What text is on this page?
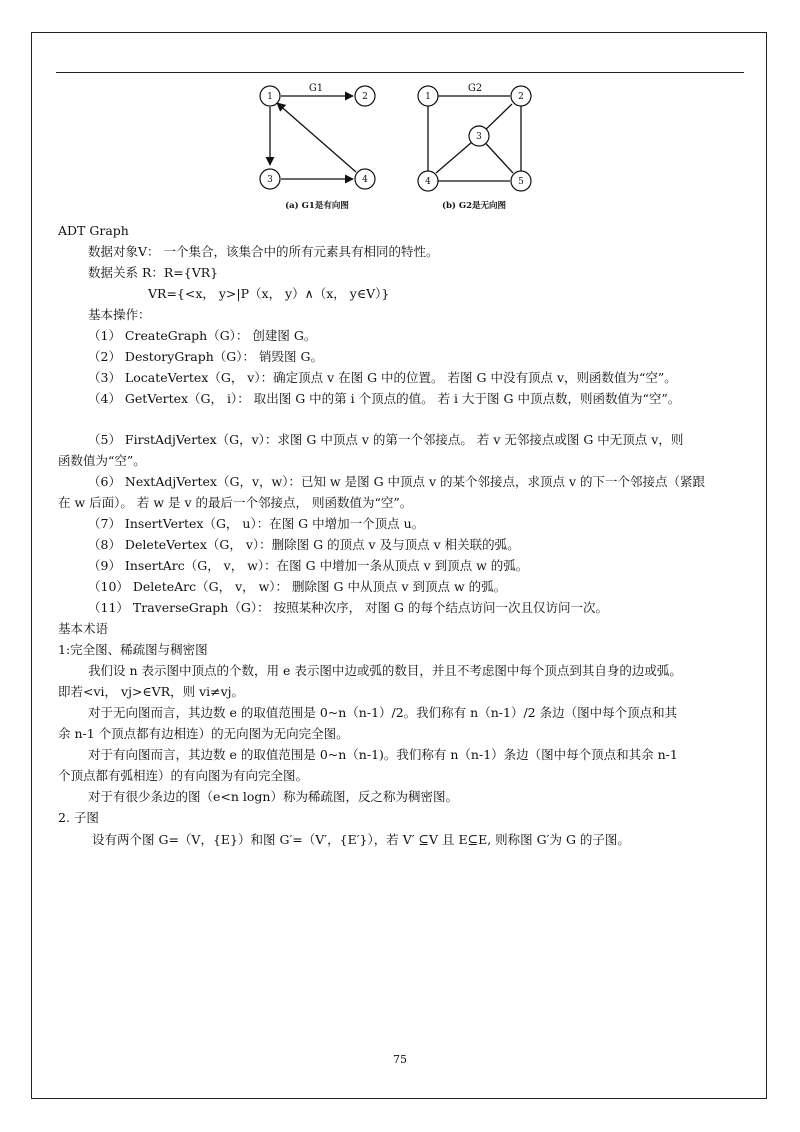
1	2
3	4
G1
(a) G1是有向图
1	2
3
4	5
G2
(b) G2是无向图
ADT Graph
数据对象V： 一个集合，该集合中的所有元素具有相同的特性。
数据关系 R：R={VR}
VR={<x， y>|P（x， y）∧（x， y∈V）}
基本操作：
（1） CreateGraph（G）： 创建图 G。
（2） DestoryGraph（G）： 销毁图 G。
（3） LocateVertex（G， v）：确定顶点 v 在图 G 中的位置。 若图 G 中没有顶点 v，则函数值为“空”。
（4） GetVertex（G， i）： 取出图 G 中的第 i 个顶点的值。 若 i 大于图 G 中顶点数，则函数值为“空”。
（5） FirstAdjVertex（G，v）：求图 G 中顶点 v 的第一个邻接点。 若 v 无邻接点或图 G 中无顶点 v，则
函数值为“空”。
（6） NextAdjVertex（G，v，w）：已知 w 是图 G 中顶点 v 的某个邻接点，求顶点 v 的下一个邻接点（紧跟
在 w 后面）。 若 w 是 v 的最后一个邻接点， 则函数值为“空”。
（7） InsertVertex（G， u）：在图 G 中增加一个顶点 u。
（8） DeleteVertex（G， v）：删除图 G 的顶点 v 及与顶点 v 相关联的弧。
（9） InsertArc（G， v， w）：在图 G 中增加一条从顶点 v 到顶点 w 的弧。
（10） DeleteArc（G， v， w）： 删除图 G 中从顶点 v 到顶点 w 的弧。
（11） TraverseGraph（G）： 按照某种次序， 对图 G 的每个结点访问一次且仅访问一次。
基本术语
1:完全图、稀疏图与稠密图
我们设 n 表示图中顶点的个数，用 e 表示图中边或弧的数目，并且不考虑图中每个顶点到其自身的边或弧。
即若<vi， vj>∈VR，则 vi≠vj。
对于无向图而言，其边数 e 的取值范围是 0~n（n-1）/2。我们称有 n（n-1）/2 条边（图中每个顶点和其
余 n-1 个顶点都有边相连）的无向图为无向完全图。
对于有向图而言，其边数 e 的取值范围是 0~n（n-1)。我们称有 n（n-1）条边（图中每个顶点和其余 n-1
个顶点都有弧相连）的有向图为有向完全图。
对于有很少条边的图（e<n logn）称为稀疏图，反之称为稠密图。
2. 子图
设有两个图 G=（V，{E}）和图 G′=（V′，{E′}），若 V′ ⊆V 且 E⊆E, 则称图 G′为 G 的子图。
75
